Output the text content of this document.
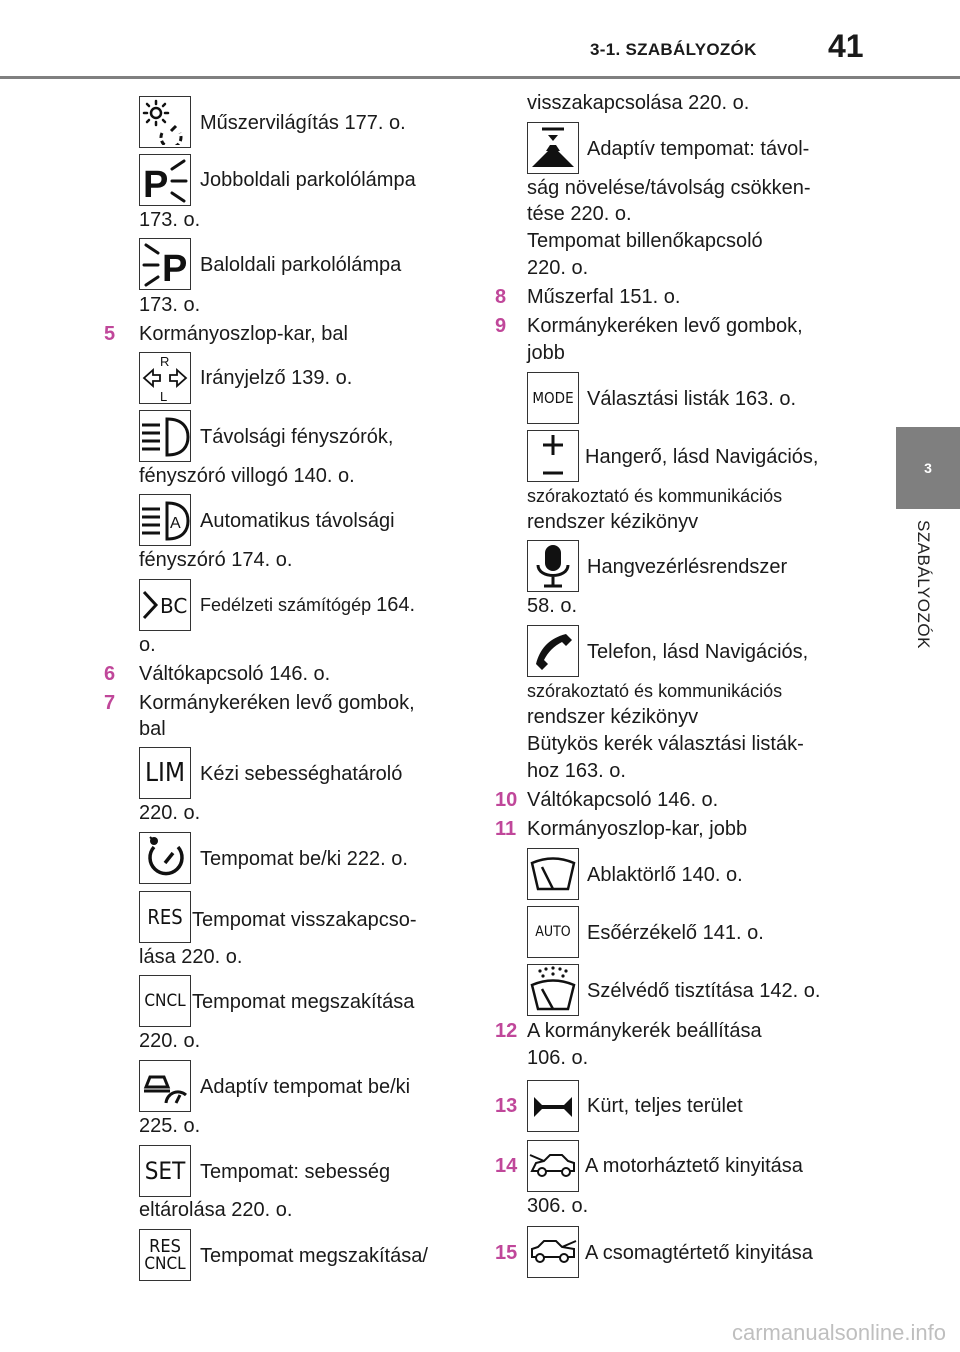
3-1. SZABÁLYOZÓK 41
3
SZABÁLYOZÓK
Műszervilágítás 177. o.
P Jobboldali parkolólámpa
173. o.
P Baloldali parkolólámpa
173. o.
5 Kormányoszlop-kar, bal
R
L
Irányjelző 139. o.
Távolsági fényszórók,
fényszóró villogó 140. o.
A Automatikus távolsági
fényszóró 174. o.
BC Fedélzeti számítógép 164.
o.
6 Váltókapcsoló 146. o.
7 Kormánykeréken levő gombok,
bal
LIM Kézi sebességhatároló
220. o.
Tempomat be/ki 222. o.
RES Tempomat visszakapcso-
lása 220. o.
CNCL Tempomat megszakítása
220. o.
Adaptív tempomat be/ki
225. o.
SET Tempomat: sebesség
eltárolása 220. o.
RES
CNCL Tempomat megszakítása/
visszakapcsolása 220. o.
Adaptív tempomat: távol-
ság növelése/távolság csökken-
tése 220. o.
Tempomat billenőkapcsoló
220. o.
8 Műszerfal 151. o.
9 Kormánykeréken levő gombok,
jobb
MODE Választási listák 163. o.
Hangerő, lásd Navigációs,
szórakoztató és kommunikációs
rendszer kézikönyv
Hangvezérlésrendszer
58. o.
Telefon, lásd Navigációs,
szórakoztató és kommunikációs
rendszer kézikönyv
Bütykös kerék választási listák-
hoz 163. o.
10 Váltókapcsoló 146. o.
11 Kormányoszlop-kar, jobb
Ablaktörlő 140. o.
AUTO Esőérzékelő 141. o.
Szélvédő tisztítása 142. o.
12 A kormánykerék beállítása
106. o.
13	Kürt, teljes terület
14	A motorháztető kinyitása
306. o.
15	A csomagtértető kinyitása
carmanualsonline.info
